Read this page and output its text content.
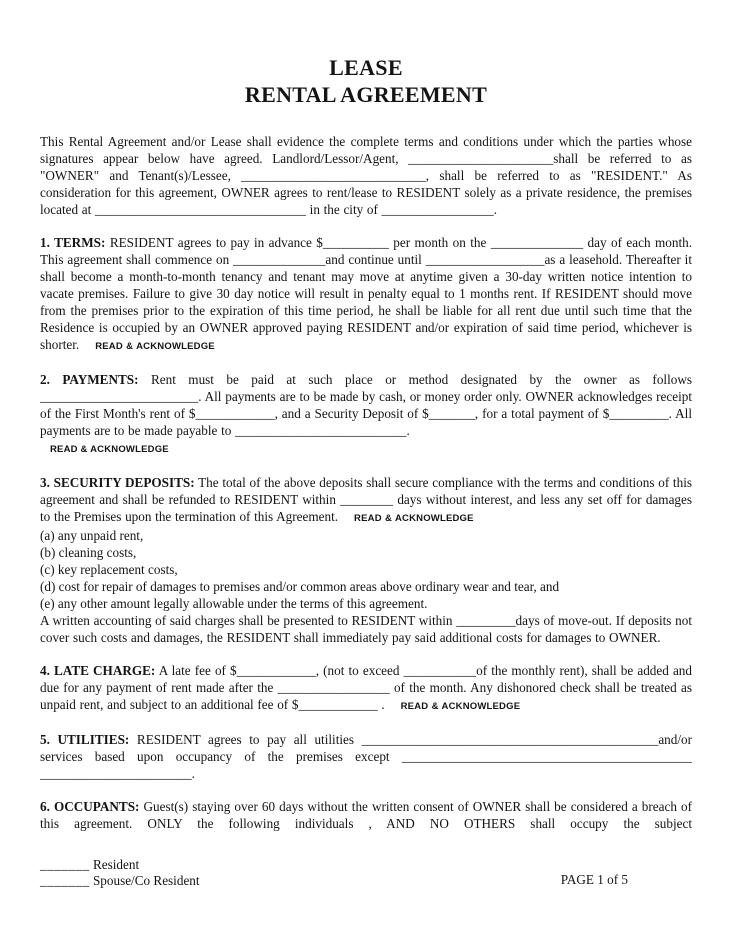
LEASE
RENTAL AGREEMENT

This Rental Agreement and/or Lease shall evidence the complete terms and conditions under which the parties whose signatures appear below have agreed. Landlord/Lessor/Agent, ______________________shall be referred to as "OWNER" and Tenant(s)/Lessee, ____________________________, shall be referred to as "RESIDENT." As consideration for this agreement, OWNER agrees to rent/lease to RESIDENT solely as a private residence, the premises located at ________________________________ in the city of _________________.

1. TERMS: RESIDENT agrees to pay in advance $__________ per month on the ______________ day of each month. This agreement shall commence on ______________and continue until __________________as a leasehold. Thereafter it shall become a month-to-month tenancy and tenant may move at anytime given a 30-day written notice intention to vacate premises. Failure to give 30 day notice will result in penalty equal to 1 months rent. If RESIDENT should move from the premises prior to the expiration of this time period, he shall be liable for all rent due until such time that the Residence is occupied by an OWNER approved paying RESIDENT and/or expiration of said time period, whichever is shorter. READ & ACKNOWLEDGE

2. PAYMENTS: Rent must be paid at such place or method designated by the owner as follows ________________________. All payments are to be made by cash, or money order only. OWNER acknowledges receipt of the First Month's rent of $____________, and a Security Deposit of $_______, for a total payment of $_________. All payments are to be made payable to __________________________.

READ & ACKNOWLEDGE

3. SECURITY DEPOSITS: The total of the above deposits shall secure compliance with the terms and conditions of this agreement and shall be refunded to RESIDENT within ________ days without interest, and less any set off for damages to the Premises upon the termination of this Agreement. READ & ACKNOWLEDGE

(a) any unpaid rent,
(b) cleaning costs,
(c) key replacement costs,
(d) cost for repair of damages to premises and/or common areas above ordinary wear and tear, and
(e) any other amount legally allowable under the terms of this agreement.

A written accounting of said charges shall be presented to RESIDENT within _________days of move-out. If deposits not cover such costs and damages, the RESIDENT shall immediately pay said additional costs for damages to OWNER.

4. LATE CHARGE: A late fee of $____________, (not to exceed ___________of the monthly rent), shall be added and due for any payment of rent made after the _________________ of the month. Any dishonored check shall be treated as unpaid rent, and subject to an additional fee of $____________ . READ & ACKNOWLEDGE

5. UTILITIES: RESIDENT agrees to pay all utilities _____________________________________________and/or services based upon occupancy of the premises except ____________________________________________ _______________________.

6. OCCUPANTS: Guest(s) staying over 60 days without the written consent of OWNER shall be considered a breach of this agreement. ONLY the following individuals , AND NO OTHERS shall occupy the subject

_______ Resident
_______ Spouse/Co Resident	PAGE 1 of 5
